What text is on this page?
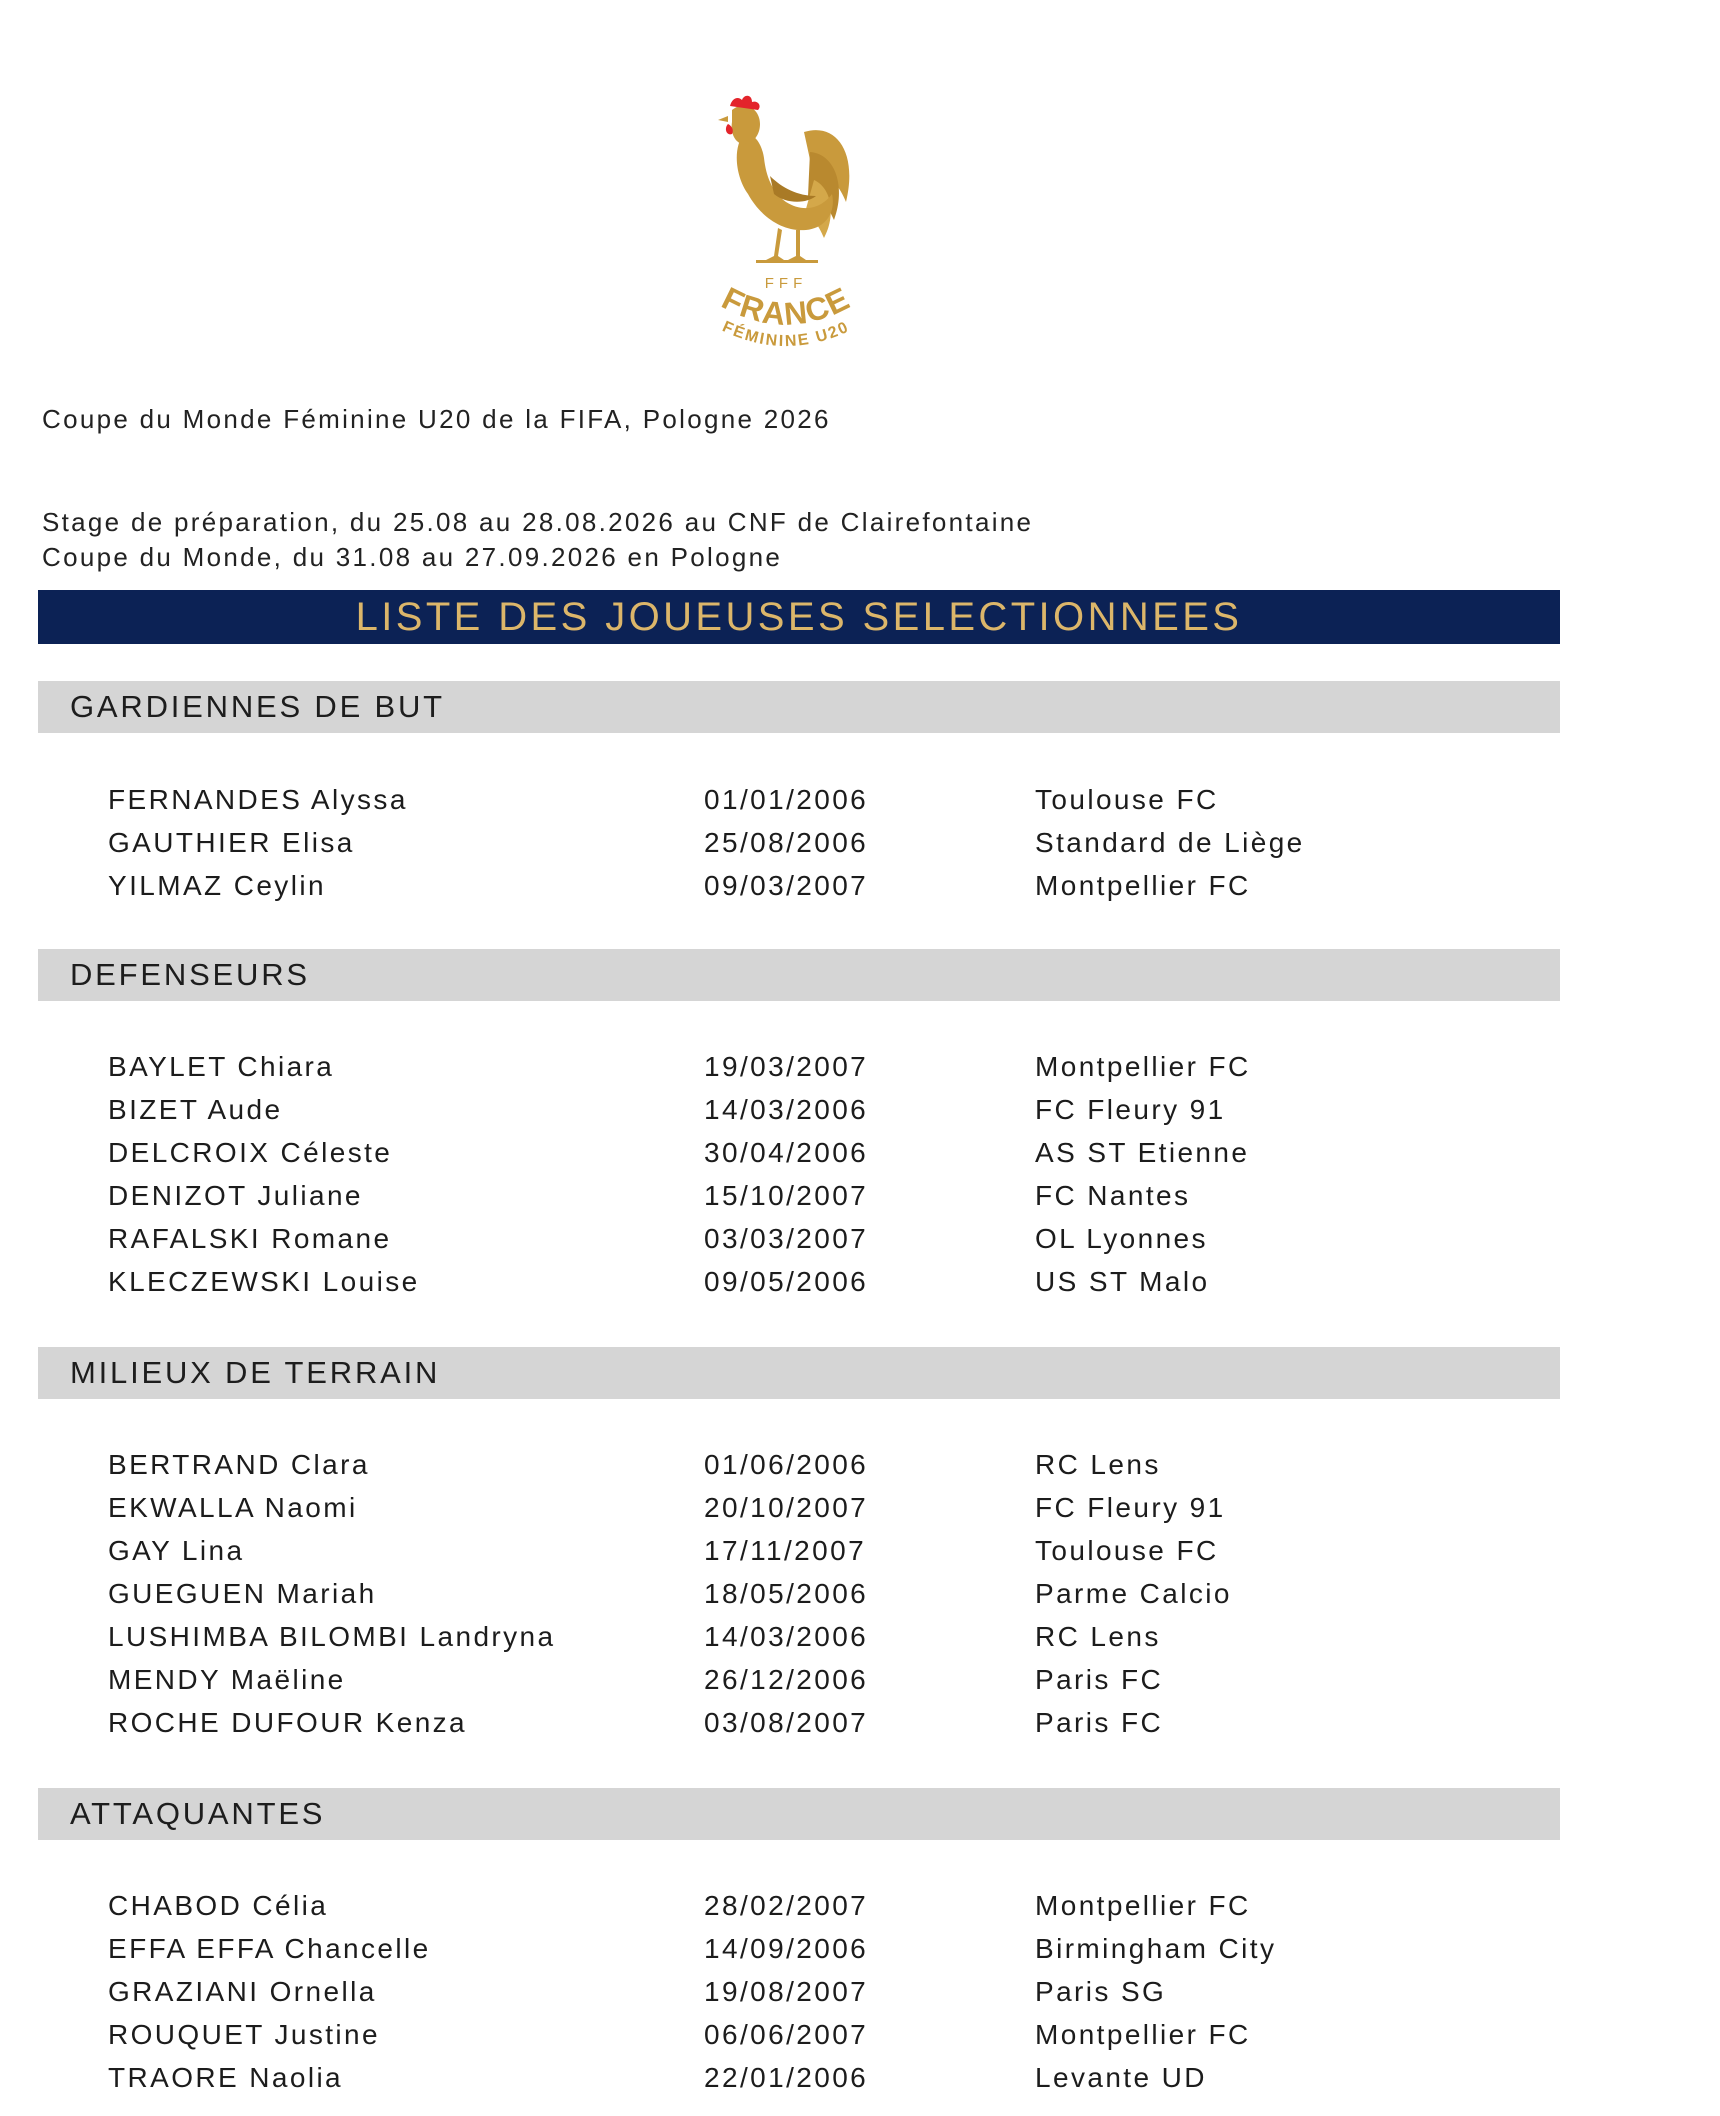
FFF
FRANCE
FÉMININE U20
Coupe du Monde Féminine U20 de la FIFA, Pologne 2026
Stage de préparation, du 25.08 au 28.08.2026 au CNF de Clairefontaine
Coupe du Monde, du 31.08 au 27.09.2026 en Pologne
LISTE DES JOUEUSES SELECTIONNEES
GARDIENNES DE BUT
FERNANDES Alyssa	01/01/2006	Toulouse FC
GAUTHIER Elisa	25/08/2006	Standard de Liège
YILMAZ Ceylin	09/03/2007	Montpellier FC
DEFENSEURS
BAYLET Chiara	19/03/2007	Montpellier FC
BIZET Aude	14/03/2006	FC Fleury 91
DELCROIX Céleste	30/04/2006	AS ST Etienne
DENIZOT Juliane	15/10/2007	FC Nantes
RAFALSKI Romane	03/03/2007	OL Lyonnes
KLECZEWSKI Louise	09/05/2006	US ST Malo
MILIEUX DE TERRAIN
BERTRAND Clara	01/06/2006	RC Lens
EKWALLA Naomi	20/10/2007	FC Fleury 91
GAY Lina	17/11/2007	Toulouse FC
GUEGUEN Mariah	18/05/2006	Parme Calcio
LUSHIMBA BILOMBI Landryna	14/03/2006	RC Lens
MENDY Maëline	26/12/2006	Paris FC
ROCHE DUFOUR Kenza	03/08/2007	Paris FC
ATTAQUANTES
CHABOD Célia	28/02/2007	Montpellier FC
EFFA EFFA Chancelle	14/09/2006	Birmingham City
GRAZIANI Ornella	19/08/2007	Paris SG
ROUQUET Justine	06/06/2007	Montpellier FC
TRAORE Naolia	22/01/2006	Levante UD
